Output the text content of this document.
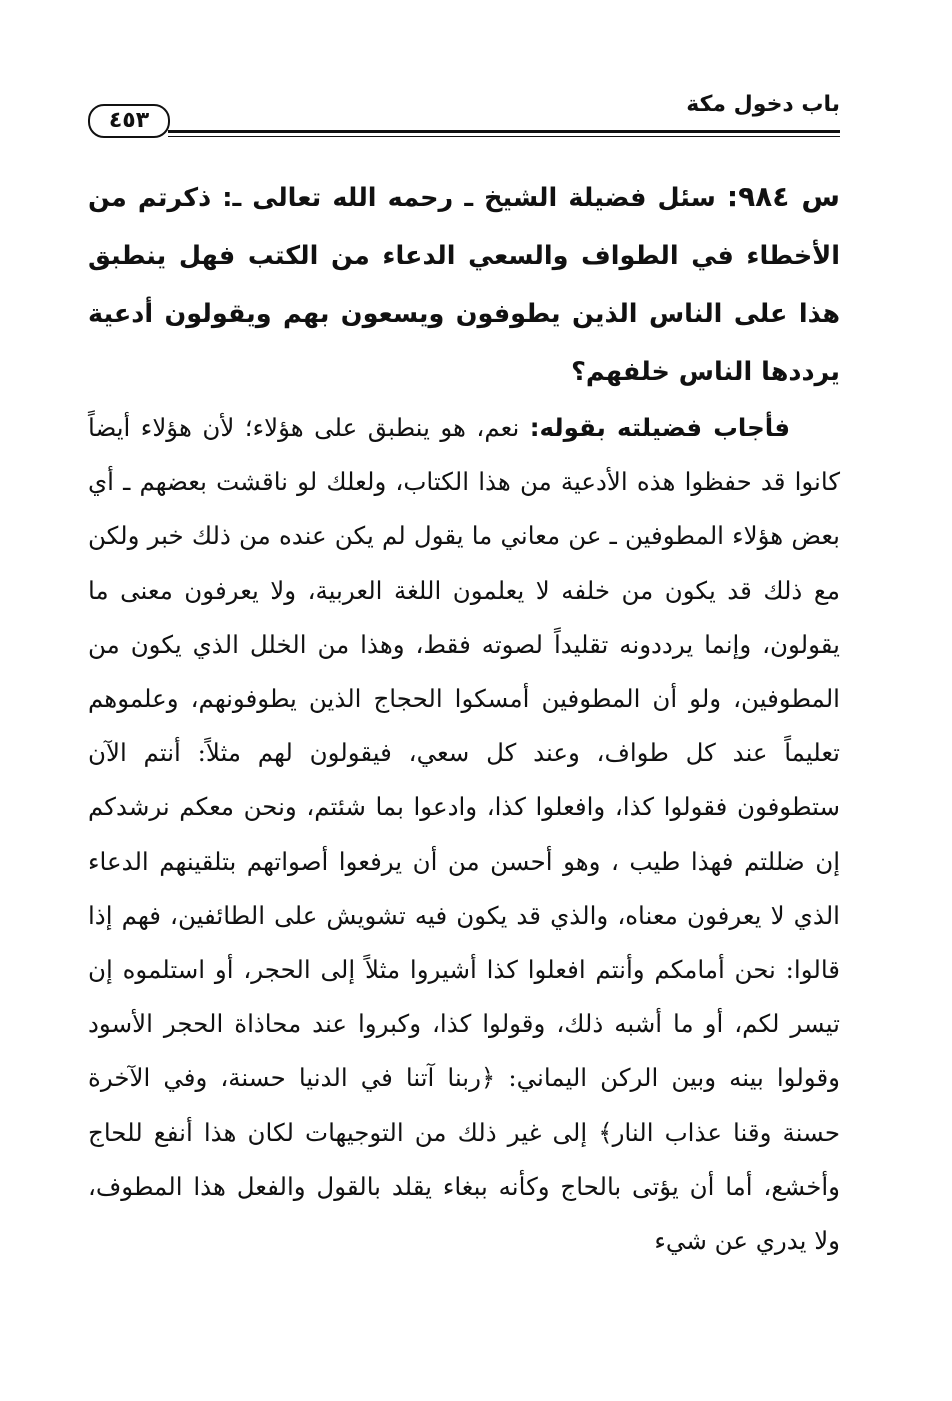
٤٥٣
باب دخول مكة

س ٩٨٤: سئل فضيلة الشيخ ـ رحمه الله تعالى ـ: ذكرتم من الأخطاء في الطواف والسعي الدعاء من الكتب فهل ينطبق هذا على الناس الذين يطوفون ويسعون بهم ويقولون أدعية يرددها الناس خلفهم؟

فأجاب فضيلته بقوله: نعم، هو ينطبق على هؤلاء؛ لأن هؤلاء أيضاً كانوا قد حفظوا هذه الأدعية من هذا الكتاب، ولعلك لو ناقشت بعضهم ـ أي بعض هؤلاء المطوفين ـ عن معاني ما يقول لم يكن عنده من ذلك خبر ولكن مع ذلك قد يكون من خلفه لا يعلمون اللغة العربية، ولا يعرفون معنى ما يقولون، وإنما يرددونه تقليداً لصوته فقط، وهذا من الخلل الذي يكون من المطوفين، ولو أن المطوفين أمسكوا الحجاج الذين يطوفونهم، وعلموهم تعليماً عند كل طواف، وعند كل سعي، فيقولون لهم مثلاً: أنتم الآن ستطوفون فقولوا كذا، وافعلوا كذا، وادعوا بما شئتم، ونحن معكم نرشدكم إن ضللتم فهذا طيب ، وهو أحسن من أن يرفعوا أصواتهم بتلقينهم الدعاء الذي لا يعرفون معناه، والذي قد يكون فيه تشويش على الطائفين، فهم إذا قالوا: نحن أمامكم وأنتم افعلوا كذا أشيروا مثلاً إلى الحجر، أو استلموه إن تيسر لكم، أو ما أشبه ذلك، وقولوا كذا، وكبروا عند محاذاة الحجر الأسود وقولوا بينه وبين الركن اليماني: ﴿ربنا آتنا في الدنيا حسنة، وفي الآخرة حسنة وقنا عذاب النار﴾ إلى غير ذلك من التوجيهات لكان هذا أنفع للحاج وأخشع، أما أن يؤتى بالحاج وكأنه ببغاء يقلد بالقول والفعل هذا المطوف، ولا يدري عن شيء
